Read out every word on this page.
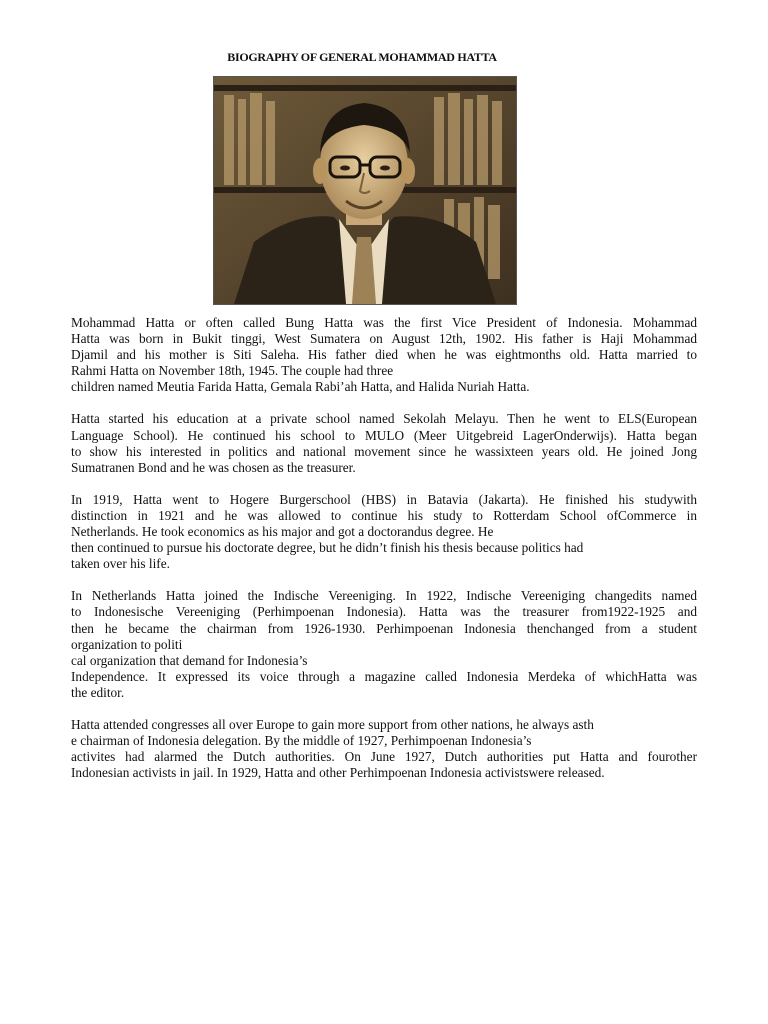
BIOGRAPHY OF GENERAL MOHAMMAD HATTA
Mohammad Hatta or often called Bung Hatta was the first Vice President of Indonesia. Mohammad
Hatta was born in Bukit tinggi, West Sumatera on August 12th, 1902. His father is Haji Mohammad
Djamil and his mother is Siti Saleha. His father died when he was eightmonths old. Hatta married to
Rahmi Hatta on November 18th, 1945. The couple had three
children named Meutia Farida Hatta, Gemala Rabi’ah Hatta, and Halida Nuriah Hatta.
Hatta started his education at a private school named Sekolah Melayu. Then he went to ELS(European
Language School). He continued his school to MULO (Meer Uitgebreid LagerOnderwijs). Hatta began
to show his interested in politics and national movement since he wassixteen years old. He joined Jong
Sumatranen Bond and he was chosen as the treasurer.
In 1919, Hatta went to Hogere Burgerschool (HBS) in Batavia (Jakarta). He finished his studywith
distinction in 1921 and he was allowed to continue his study to Rotterdam School ofCommerce in
Netherlands. He took economics as his major and got a doctorandus degree. He
then continued to pursue his doctorate degree, but he didn’t finish his thesis because politics had
taken over his life.
In Netherlands Hatta joined the Indische Vereeniging. In 1922, Indische Vereeniging changedits named
to Indonesische Vereeniging (Perhimpoenan Indonesia). Hatta was the treasurer from1922-1925 and
then he became the chairman from 1926-1930. Perhimpoenan Indonesia thenchanged from a student
organization to politi
cal organization that demand for Indonesia’s
Independence. It expressed its voice through a magazine called Indonesia Merdeka of whichHatta was
the editor.
Hatta attended congresses all over Europe to gain more support from other nations, he always asth
e chairman of Indonesia delegation. By the middle of 1927, Perhimpoenan Indonesia’s
activites had alarmed the Dutch authorities. On June 1927, Dutch authorities put Hatta and fourother
Indonesian activists in jail. In 1929, Hatta and other Perhimpoenan Indonesia activistswere released.
